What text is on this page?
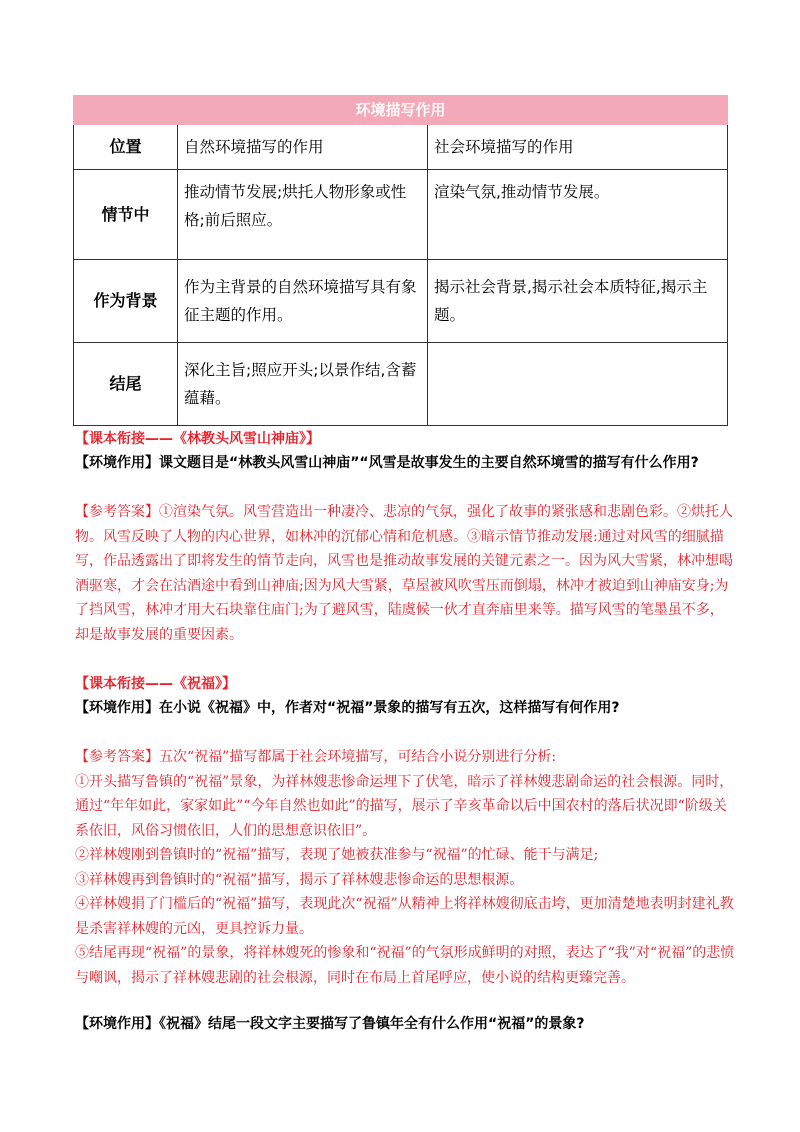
环境描写作用		
位置	自然环境描写的作用	社会环境描写的作用
情节中	推动情节发展;烘托人物形象或性格;前后照应。	渲染气氛,推动情节发展。
作为背景	作为主背景的自然环境描写具有象征主题的作用。	揭示社会背景,揭示社会本质特征,揭示主题。
结尾	深化主旨;照应开头;以景作结,含蓄蕴藉。	

【课本衔接——《林教头风雪山神庙》】

【环境作用】课文题目是“林教头风雪山神庙”“风雪是故事发生的主要自然环境雪的描写有什么作用?

【参考答案】①渲染气氛。风雪营造出一种凄冷、悲凉的气氛，强化了故事的紧张感和悲剧色彩。②烘托人物。风雪反映了人物的内心世界，如林冲的沉郁心情和危机感。③暗示情节推动发展:通过对风雪的细腻描写，作品透露出了即将发生的情节走向，风雪也是推动故事发展的关键元素之一。因为风大雪紧，林冲想喝酒驱寒，才会在沽酒途中看到山神庙;因为风大雪紧，草屋被风吹雪压而倒塌，林冲才被迫到山神庙安身;为了挡风雪，林冲才用大石块靠住庙门;为了避风雪，陆虞候一伙才直奔庙里来等。描写风雪的笔墨虽不多，却是故事发展的重要因素。

【课本衔接——《祝福》】

【环境作用】在小说《祝福》中，作者对“祝福”景象的描写有五次，这样描写有何作用?

【参考答案】五次“祝福”描写都属于社会环境描写，可结合小说分别进行分析:

①开头描写鲁镇的“祝福”景象，为祥林嫂悲惨命运埋下了伏笔，暗示了祥林嫂悲剧命运的社会根源。同时，通过“年年如此，家家如此”“今年自然也如此”的描写，展示了辛亥革命以后中国农村的落后状况即“阶级关系依旧，风俗习惯依旧，人们的思想意识依旧”。

②祥林嫂刚到鲁镇时的“祝福”描写，表现了她被获准参与“祝福”的忙碌、能干与满足;

③祥林嫂再到鲁镇时的“祝福”描写，揭示了祥林嫂悲惨命运的思想根源。

④祥林嫂捐了门槛后的“祝福”描写，表现此次“祝福”从精神上将祥林嫂彻底击垮，更加清楚地表明封建礼教是杀害祥林嫂的元凶，更具控诉力量。

⑤结尾再现“祝福”的景象，将祥林嫂死的惨象和“祝福”的气氛形成鲜明的对照，表达了“我”对“祝福”的悲愤与嘲讽，揭示了祥林嫂悲剧的社会根源，同时在布局上首尾呼应，使小说的结构更臻完善。

【环境作用】《祝福》结尾一段文字主要描写了鲁镇年全有什么作用“祝福”的景象?
